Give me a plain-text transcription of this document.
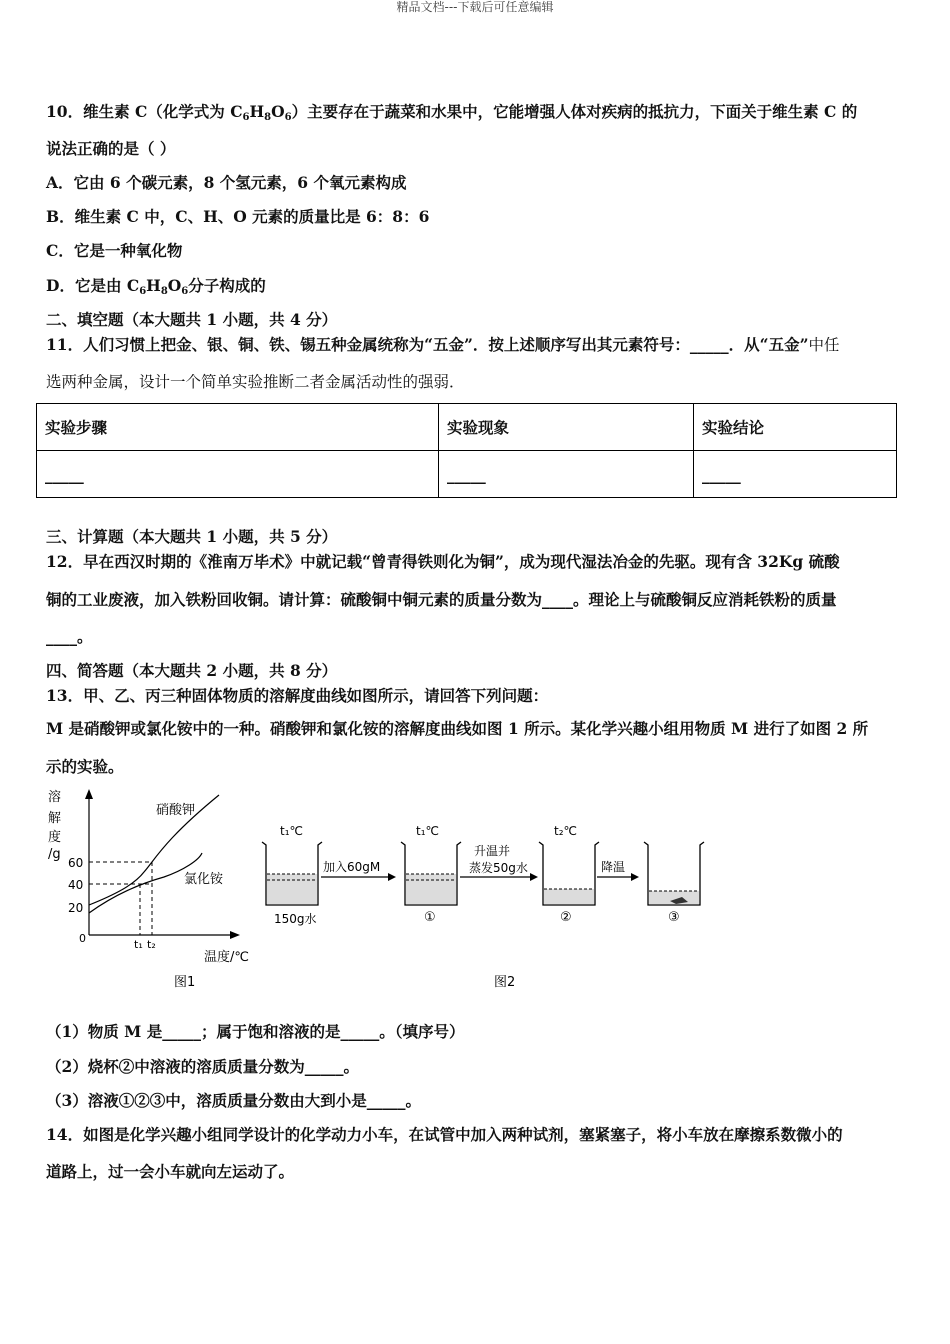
精品文档---下载后可任意编辑
10．维生素 C（化学式为 $C_6H_8O_6$）主要存在于蔬菜和水果中，它能增强人体对疾病的抵抗力，下面关于维生素 C 的
说法正确的是（ ）
A．它由 6 个碳元素，8 个氢元素，6 个氧元素构成
B．维生素 C 中，C、H、O 元素的质量比是 6：8：6
C．它是一种氧化物
D．它是由 $C_6H_8O_6$分子构成的
二、填空题（本大题共 1 小题，共 4 分）
11．人们习惯上把金、银、铜、铁、锡五种金属统称为“五金”．按上述顺序写出其元素符号：_____．从“五金”中任
选两种金属，设计一个简单实验推断二者金属活动性的强弱．
实验步骤	实验现象	实验结论
_____	_____	_____
三、计算题（本大题共 1 小题，共 5 分）
12．早在西汉时期的《淮南万毕术》中就记载“曾青得铁则化为铜”，成为现代湿法冶金的先驱。现有含 32Kg 硫酸
铜的工业废液，加入铁粉回收铜。请计算：硫酸铜中铜元素的质量分数为____。理论上与硫酸铜反应消耗铁粉的质量
____。
四、简答题（本大题共 2 小题，共 8 分）
13．甲、乙、丙三种固体物质的溶解度曲线如图所示，请回答下列问题：
M 是硝酸钾或氯化铵中的一种。硝酸钾和氯化铵的溶解度曲线如图 1 所示。某化学兴趣小组用物质 M 进行了如图 2 所
示的实验。
溶
解
度
/g
60
40
20
0	t₁ t₂
温度/℃
硝酸钾
氯化铵
图1
t₁℃	t₁℃	t₂℃
150g水
加入60gM
①
升温并
蒸发50g水
②
降温
③
图2
（1）物质 M 是_____；属于饱和溶液的是_____。（填序号）
（2）烧杯②中溶液的溶质质量分数为_____。
（3）溶液①②③中，溶质质量分数由大到小是_____。
14．如图是化学兴趣小组同学设计的化学动力小车，在试管中加入两种试剂，塞紧塞子，将小车放在摩擦系数微小的
道路上，过一会小车就向左运动了。
